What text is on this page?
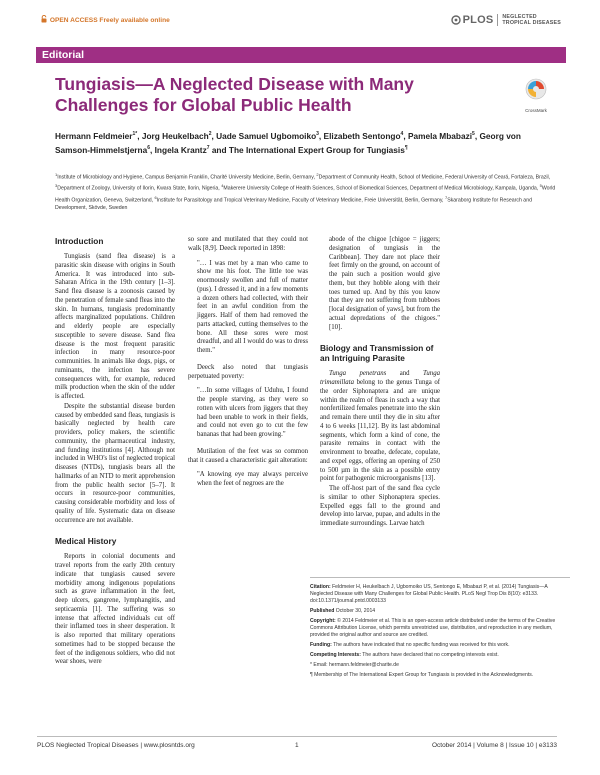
OPEN ACCESS Freely available online	PLOS NEGLECTED
TROPICAL DISEASES
Editorial
Tungiasis—A Neglected Disease with Many Challenges for Global Public Health	CrossMark
Hermann Feldmeier$^{1*}$, Jorg Heukelbach$^2$, Uade Samuel Ugbomoiko$^3$, Elizabeth Sentongo$^4$, Pamela Mbabazi$^5$, Georg von Samson-Himmelstjerna$^6$, Ingela Krantz$^7$ and The International Expert Group for Tungiasis¶
$^1$Institute of Microbiology and Hygiene, Campus Benjamin Franklin, Charité University Medicine, Berlin, Germany, $^2$Department of Community Health, School of Medicine, Federal University of Ceará, Fortaleza, Brazil, $^3$Department of Zoology, University of Ilorin, Kwara State, Ilorin, Nigeria, $^4$Makerere University College of Health Sciences, School of Biomedical Sciences, Department of Medical Microbiology, Kampala, Uganda, $^5$World Health Organization, Geneva, Switzerland, $^6$Institute for Parasitology and Tropical Veterinary Medicine, Faculty of Veterinary Medicine, Freie Universität, Berlin, Germany, $^7$Skaraborg Institute for Research and Development, Skövde, Sweden
Introduction

Tungiasis (sand flea disease) is a parasitic skin disease with origins in South America. It was introduced into sub-Saharan Africa in the 19th century [1–3]. Sand flea disease is a zoonosis caused by the penetration of female sand fleas into the skin. In humans, tungiasis predominantly affects marginalized populations. Children and elderly people are especially susceptible to severe disease. Sand flea disease is the most frequent parasitic infection in many resource-poor communities. In animals like dogs, pigs, or ruminants, the infection has severe consequences with, for example, reduced milk production when the skin of the udder is affected.

Despite the substantial disease burden caused by embedded sand fleas, tungiasis is basically neglected by health care providers, policy makers, the scientific community, the pharmaceutical industry, and funding institutions [4]. Although not included in WHO's list of neglected tropical diseases (NTDs), tungiasis bears all the hallmarks of an NTD to merit apprehension from the public health sector [5–7]. It occurs in resource-poor communities, causing considerable morbidity and loss of quality of life. Systematic data on disease occurrence are not available.

Medical History

Reports in colonial documents and travel reports from the early 20th century indicate that tungiasis caused severe morbidity among indigenous populations such as grave inflammation in the feet, deep ulcers, gangrene, lymphangitis, and septicaemia [1]. The suffering was so intense that affected individuals cut off their inflamed toes in sheer desperation. It is also reported that military operations sometimes had to be stopped because the feet of the indigenous soldiers, who did not wear shoes, were

so sore and mutilated that they could not walk [8,9]. Deeck reported in 1898:

"… I was met by a man who came to show me his foot. The little toe was enormously swollen and full of matter (pus). I dressed it, and in a few moments a dozen others had collected, with their feet in an awful condition from the jiggers. Half of them had removed the parts attacked, cutting themselves to the bone. All these sores were most dreadful, and all I would do was to dress them."

Deeck also noted that tungiasis perpetuated poverty:

"…In some villages of Uduhu, I found the people starving, as they were so rotten with ulcers from jiggers that they had been unable to work in their fields, and could not even go to cut the few bananas that had been growing."

Mutilation of the feet was so common that it caused a characteristic gait alteration:

"A knowing eye may always perceive when the feet of negroes are the
abode of the chigoe [chigoe = jiggers; designation of tungiasis in the Caribbean]. They dare not place their feet firmly on the ground, on account of the pain such a position would give them, but they hobble along with their toes turned up. And by this you know that they are not suffering from tubboes [local designation of yaws], but from the actual depredations of the chigoes." [10].
Biology and Transmission of an Intriguing Parasite

Tunga penetrans and Tunga trimamillata belong to the genus Tunga of the order Siphonaptera and are unique within the realm of fleas in such a way that nonfertilized females penetrate into the skin and remain there until they die in situ after 4 to 6 weeks [11,12]. By its last abdominal segments, which form a kind of cone, the parasite remains in contact with the environment to breathe, defecate, copulate, and expel eggs, offering an opening of 250 to 500 µm in the skin as a possible entry point for pathogenic microorganisms [13].

The off-host part of the sand flea cycle is similar to other Siphonaptera species. Expelled eggs fall to the ground and develop into larvae, pupae, and adults in the immediate surroundings. Larvae hatch

Citation: Feldmeier H, Heukelbach J, Ugbomoiko US, Sentongo E, Mbabazi P, et al. (2014) Tungiasis—A Neglected Disease with Many Challenges for Global Public Health. PLoS Negl Trop Dis 8(10): e3133. doi:10.1371/journal.pntd.0003133

Published October 30, 2014

Copyright: © 2014 Feldmeier et al. This is an open-access article distributed under the terms of the Creative Commons Attribution License, which permits unrestricted use, distribution, and reproduction in any medium, provided the original author and source are credited.

Funding: The authors have indicated that no specific funding was received for this work.

Competing Interests: The authors have declared that no competing interests exist.

* Email: hermann.feldmeier@charite.de

¶ Membership of The International Expert Group for Tungiasis is provided in the Acknowledgments.

PLOS Neglected Tropical Diseases | www.plosntds.org	1	October 2014 | Volume 8 | Issue 10 | e3133
